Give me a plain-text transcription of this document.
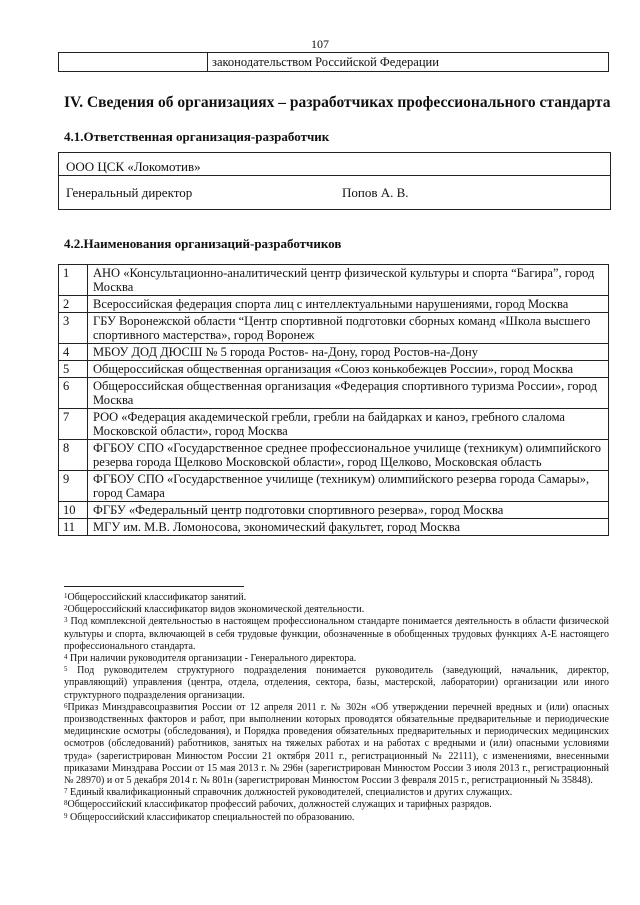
107
	законодательством Российской Федерации
IV. Сведения об организациях – разработчиках профессионального стандарта
4.1.Ответственная организация-разработчик
ООО ЦСК «Локомотив»
Генеральный директор	Попов А. В.
4.2.Наименования организаций-разработчиков
1	АНО «Консультационно-аналитический центр физической культуры и спорта “Багира”, город Москва
2	Всероссийская федерация спорта лиц с интеллектуальными нарушениями, город Москва
3	ГБУ Воронежской области “Центр спортивной подготовки сборных команд «Школа высшего спортивного мастерства», город Воронеж
4	МБОУ ДОД ДЮСШ № 5 города Ростов- на-Дону, город Ростов-на-Дону
5	Общероссийская общественная организация «Союз конькобежцев России», город Москва
6	Общероссийская общественная организация «Федерация спортивного туризма России», город Москва
7	РОО «Федерация академической гребли, гребли на байдарках и каноэ, гребного слалома Московской области», город Москва
8	ФГБОУ СПО «Государственное среднее профессиональное училище (техникум) олимпийского резерва города Щелково Московской области», город Щелково, Московская область
9	ФГБОУ СПО «Государственное училище (техникум) олимпийского резерва города Самары», город Самара
10	ФГБУ «Федеральный центр подготовки спортивного резерва», город Москва
11	МГУ им. М.В. Ломоносова, экономический факультет, город Москва

$^1$Общероссийский классификатор занятий.

$^2$Общероссийский классификатор видов экономической деятельности.

$^3$ Под комплексной деятельностью в настоящем профессиональном стандарте понимается деятельность в области физической культуры и спорта, включающей в себя трудовые функции, обозначенные в обобщенных трудовых функциях А-Е настоящего профессионального стандарта.

$^4$ При наличии руководителя организации - Генерального директора.

$^5$ Под руководителем структурного подразделения понимается руководитель (заведующий, начальник, директор, управляющий) управления (центра, отдела, отделения, сектора, базы, мастерской, лаборатории) организации или иного структурного подразделения организации.

$^6$Приказ Минздравсоцразвития России от 12 апреля 2011 г. № 302н «Об утверждении перечней вредных и (или) опасных производственных факторов и работ, при выполнении которых проводятся обязательные предварительные и периодические медицинские осмотры (обследования), и Порядка проведения обязательных предварительных и периодических медицинских осмотров (обследований) работников, занятых на тяжелых работах и на работах с вредными и (или) опасными условиями труда» (зарегистрирован Минюстом России 21 октября 2011 г., регистрационный № 22111), с изменениями, внесенными приказами Минздрава России от 15 мая 2013 г. № 296н (зарегистрирован Минюстом России 3 июля 2013 г., регистрационный № 28970) и от 5 декабря 2014 г. № 801н (зарегистрирован Минюстом России 3 февраля 2015 г., регистрационный № 35848).

$^7$ Единый квалификационный справочник должностей руководителей, специалистов и других служащих.

$^8$Общероссийский классификатор профессий рабочих, должностей служащих и тарифных разрядов.

$^9$ Общероссийский классификатор специальностей по образованию.
